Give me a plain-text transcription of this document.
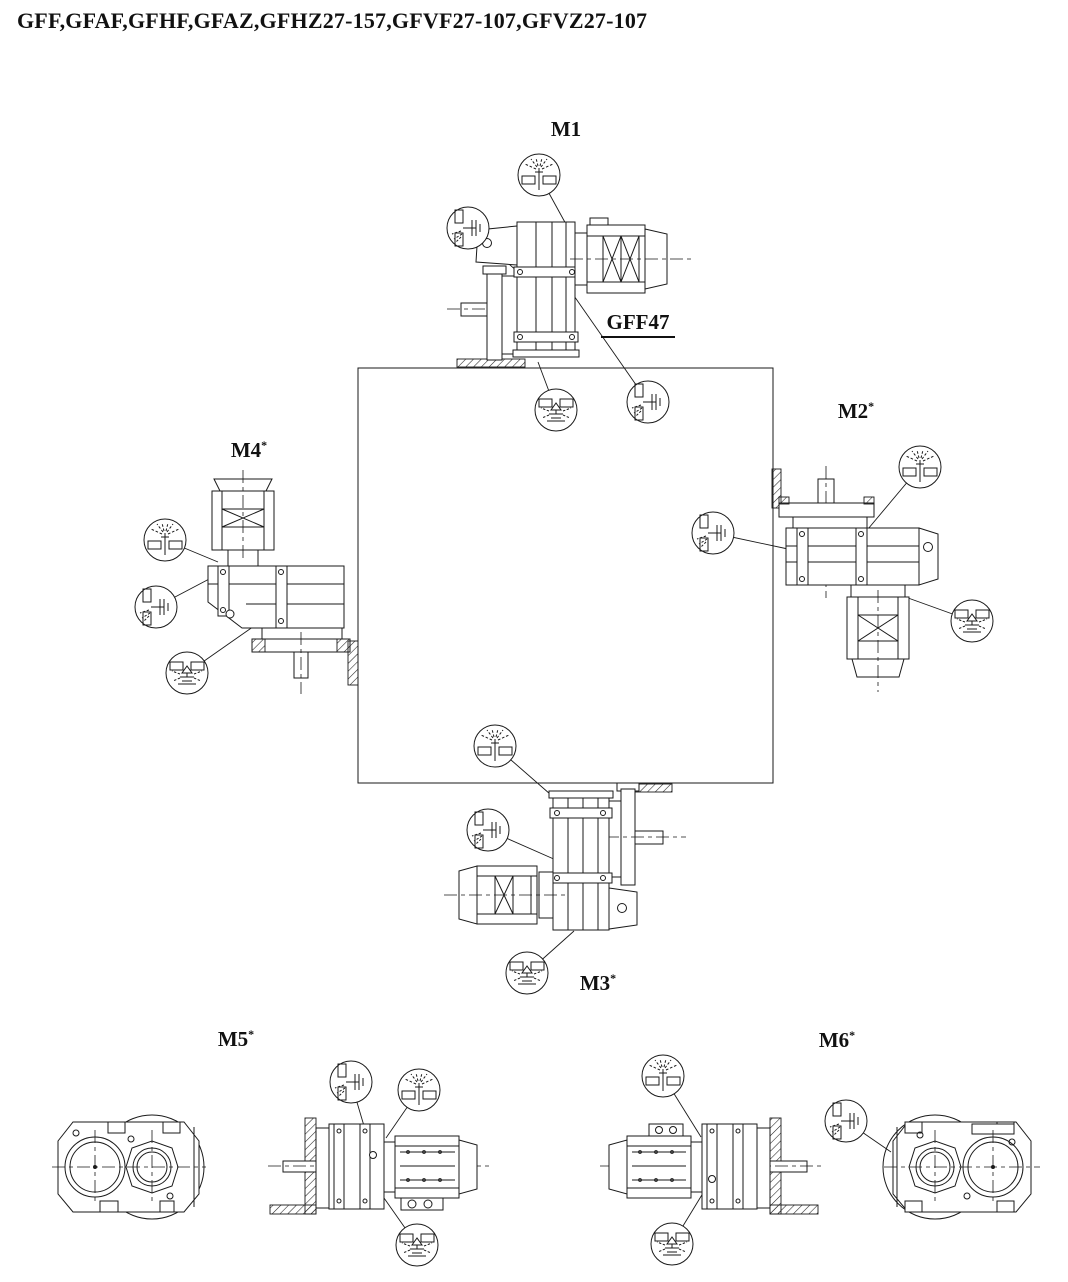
GFF,GFAF,GFHF,GFAZ,GFHZ27-157,GFVF27-107,GFVZ27-107
M1
M2*
M4*
M3*
M5*	M6*
GFF47
